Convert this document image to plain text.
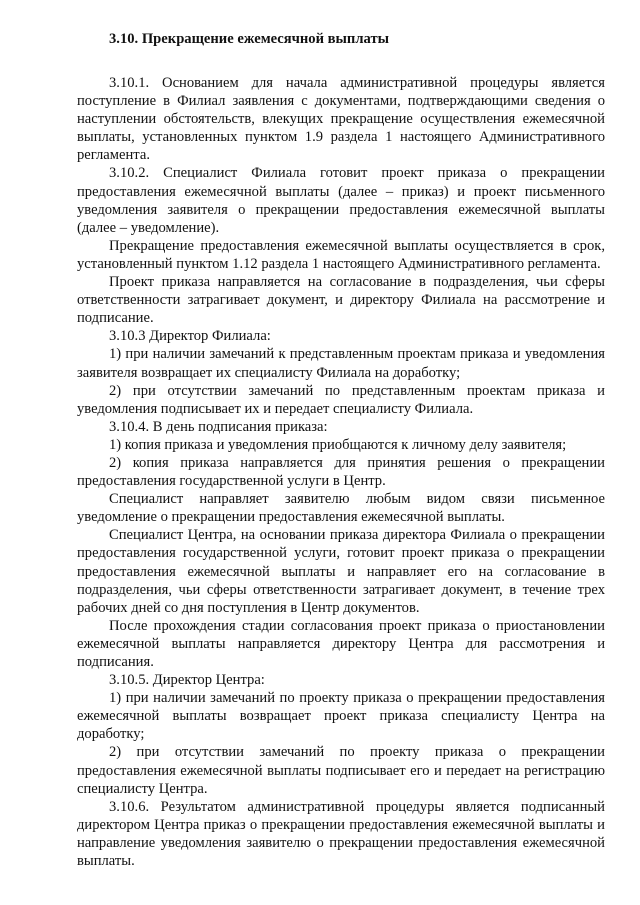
3.10. Прекращение ежемесячной выплаты

3.10.1. Основанием для начала административной процедуры является поступление в Филиал заявления с документами, подтверждающими сведения о наступлении обстоятельств, влекущих прекращение осуществления ежемесячной выплаты, установленных пунктом 1.9 раздела 1 настоящего Административного регламента.

3.10.2. Специалист Филиала готовит проект приказа о прекращении предоставления ежемесячной выплаты (далее – приказ) и проект письменного уведомления заявителя о прекращении предоставления ежемесячной выплаты (далее – уведомление).

Прекращение предоставления ежемесячной выплаты осуществляется в срок, установленный пунктом 1.12 раздела 1 настоящего Административного регламента.

Проект приказа направляется на согласование в подразделения, чьи сферы ответственности затрагивает документ, и директору Филиала на рассмотрение и подписание.

3.10.3 Директор Филиала:

1) при наличии замечаний к представленным проектам приказа и уведомления заявителя возвращает их специалисту Филиала на доработку;

2) при отсутствии замечаний по представленным проектам приказа и уведомления подписывает их и передает специалисту Филиала.

3.10.4. В день подписания приказа:

1) копия приказа и уведомления приобщаются к личному делу заявителя;

2) копия приказа направляется для принятия решения о прекращении предоставления государственной услуги в Центр.

Специалист направляет заявителю любым видом связи письменное уведомление о прекращении предоставления ежемесячной выплаты.

Специалист Центра, на основании приказа директора Филиала о прекращении предоставления государственной услуги, готовит проект приказа о прекращении предоставления ежемесячной выплаты и направляет его на согласование в подразделения, чьи сферы ответственности затрагивает документ, в течение трех рабочих дней со дня поступления в Центр документов.

После прохождения стадии согласования проект приказа о приостановлении ежемесячной выплаты направляется директору Центра для рассмотрения и подписания.

3.10.5. Директор Центра:

1) при наличии замечаний по проекту приказа о прекращении предоставления ежемесячной выплаты возвращает проект приказа специалисту Центра на доработку;

2) при отсутствии замечаний по проекту приказа о прекращении предоставления ежемесячной выплаты подписывает его и передает на регистрацию специалисту Центра.

3.10.6. Результатом административной процедуры является подписанный директором Центра приказ о прекращении предоставления ежемесячной выплаты и направление уведомления заявителю о прекращении предоставления ежемесячной выплаты.
